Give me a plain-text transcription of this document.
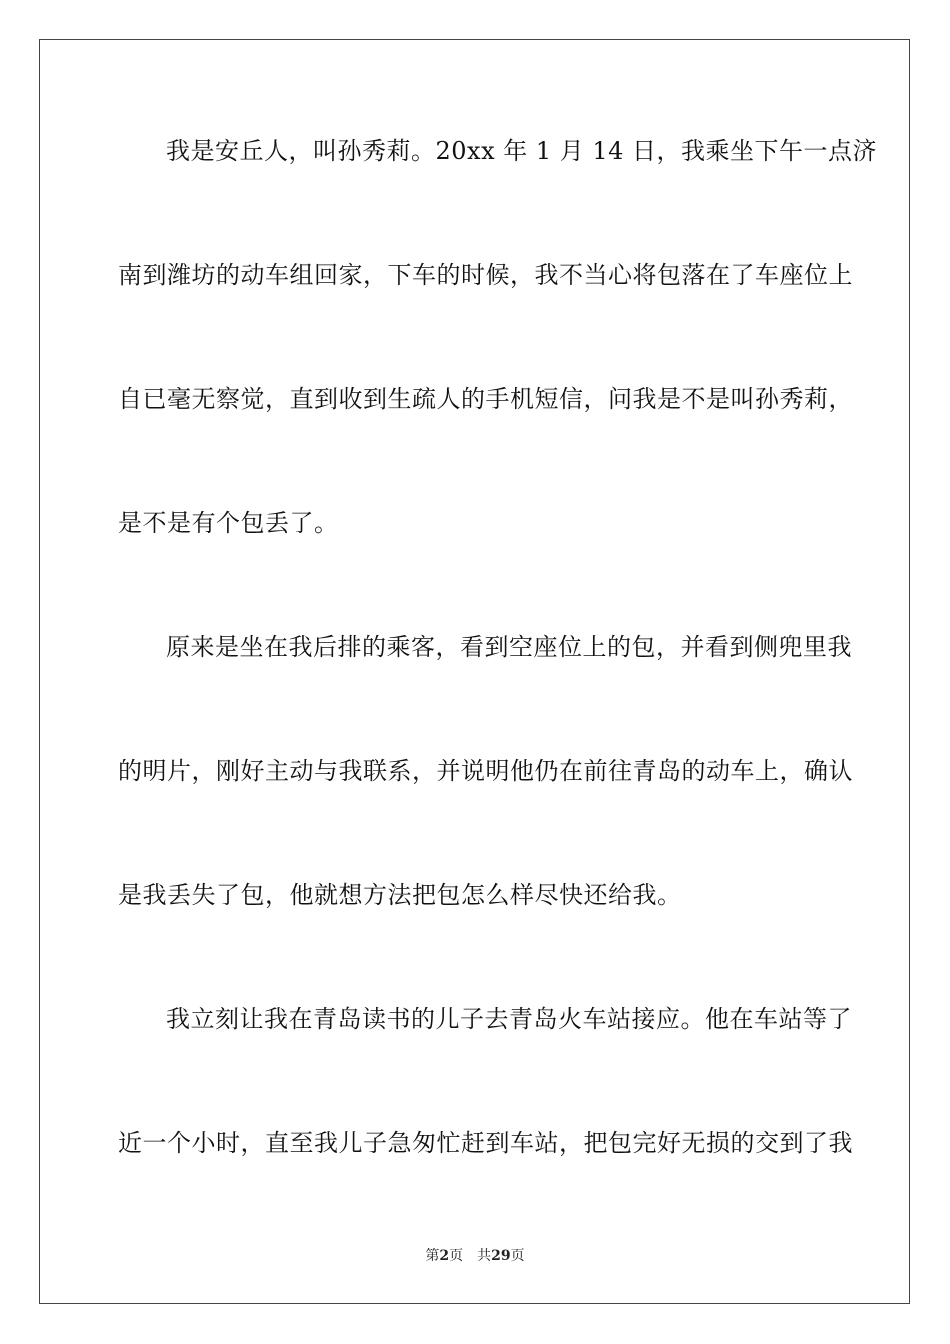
我是安丘人，叫孙秀莉。20xx 年 1 月 14 日，我乘坐下午一点济
南到潍坊的动车组回家，下车的时候，我不当心将包落在了车座位上
自已毫无察觉，直到收到生疏人的手机短信，问我是不是叫孙秀莉，
是不是有个包丢了。
原来是坐在我后排的乘客，看到空座位上的包，并看到侧兜里我
的明片，刚好主动与我联系，并说明他仍在前往青岛的动车上，确认
是我丢失了包，他就想方法把包怎么样尽快还给我。
我立刻让我在青岛读书的儿子去青岛火车站接应。他在车站等了
近一个小时，直至我儿子急匆忙赶到车站，把包完好无损的交到了我
第2页 共29页
